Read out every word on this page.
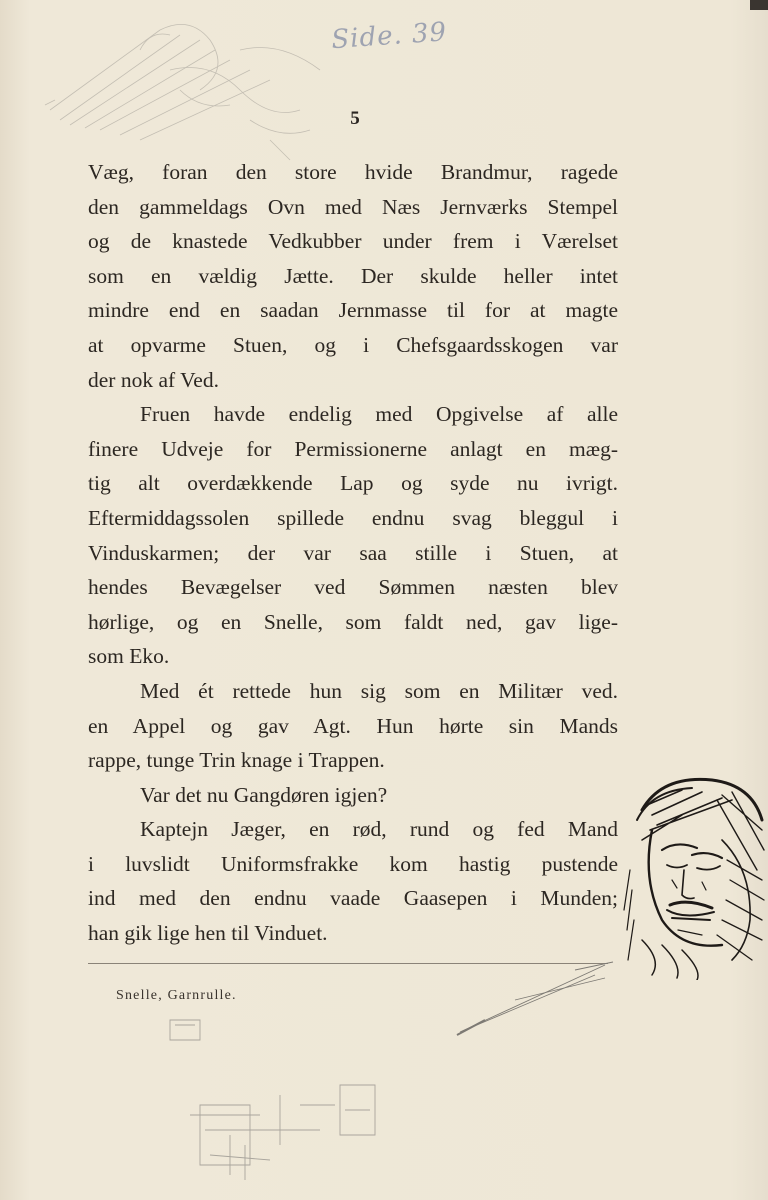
Side. 39
5
Væg, foran den store hvide Brandmur, ragede
den gammeldags Ovn med Næs Jernværks Stempel
og de knastede Vedkubber under frem i Værelset
som en vældig Jætte. Der skulde heller intet
mindre end en saadan Jernmasse til for at magte
at opvarme Stuen, og i Chefsgaardsskogen var
der nok af Ved.
Fruen havde endelig med Opgivelse af alle
finere Udveje for Permissionerne anlagt en mæg-
tig alt overdækkende Lap og syde nu ivrigt.
Eftermiddagssolen spillede endnu svag bleggul i
Vinduskarmen; der var saa stille i Stuen, at
hendes Bevægelser ved Sømmen næsten blev
hørlige, og en Snelle, som faldt ned, gav lige-
som Eko.
Med ét rettede hun sig som en Militær ved.
en Appel og gav Agt. Hun hørte sin Mands
rappe, tunge Trin knage i Trappen.
Var det nu Gangdøren igjen?
Kaptejn Jæger, en rød, rund og fed Mand
i luvslidt Uniformsfrakke kom hastig pustende
ind med den endnu vaade Gaasepen i Munden;
han gik lige hen til Vinduet.
Snelle, Garnrulle.
